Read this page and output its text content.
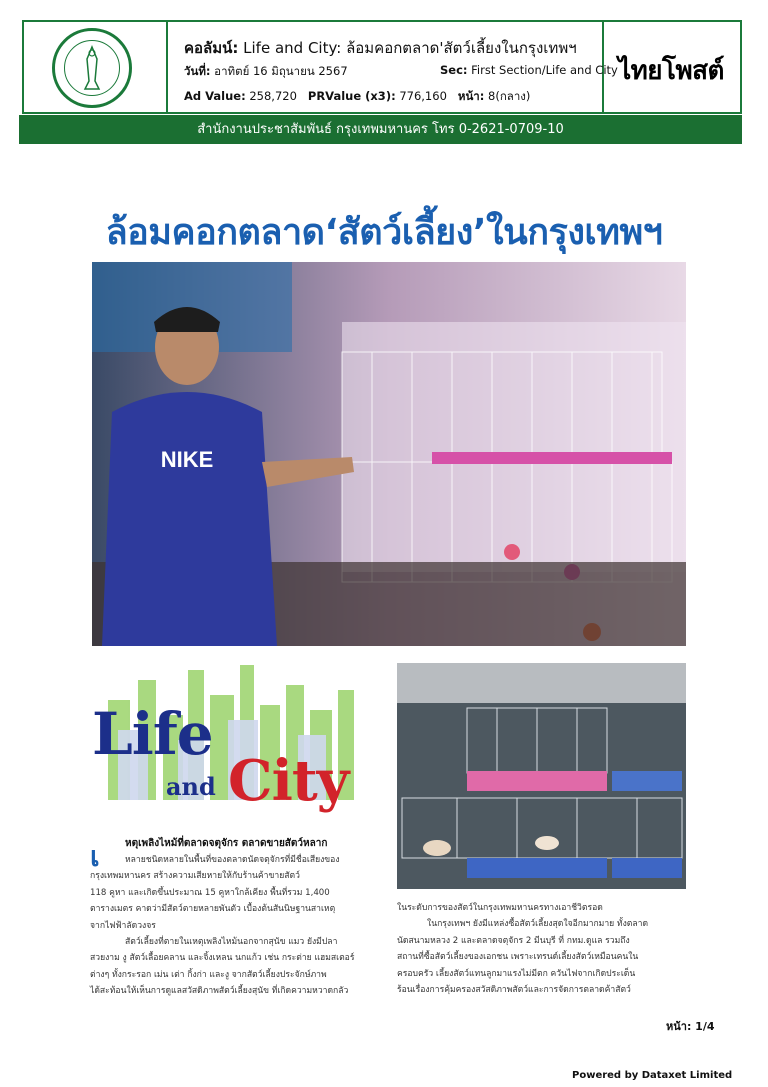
คอลัมน์: Life and City: ล้อมคอกตลาด'สัตว์เลี้ยงในกรุงเทพฯ
วันที่: อาทิตย์ 16 มิถุนายน 2567	Sec: First Section/Life and City
Ad Value: 258,720 PRValue (x3): 776,160 หน้า: 8(กลาง)
ไทยโพสต์
สำนักงานประชาสัมพันธ์ กรุงเทพมหานคร โทร 0-2621-0709-10
ล้อมคอกตลาด‘สัตว์เลี้ยง’ในกรุงเทพฯ
NIKE
Life
and City
เ	หตุเพลิงไหม้ที่ตลาดจตุจักร ตลาดขายสัตว์หลาก
หลายชนิดหลายในพื้นที่ของตลาดนัดจตุจักรที่มีชื่อเสียงของ
กรุงเทพมหานคร สร้างความเสียหายให้กับร้านค้าขายสัตว์
118 คูหา และเกิดขึ้นประมาณ 15 คูหาใกล้เคียง พื้นที่รวม 1,400
ตารางเมตร คาดว่ามีสัตว์ตายหลายพันตัว เบื้องต้นสันนิษฐานสาเหตุ
จากไฟฟ้าลัดวงจร
สัตว์เลี้ยงที่ตายในเหตุเพลิงไหม้นอกจากสุนัข แมว ยังมีปลา
สวยงาม งู สัตว์เลื้อยคลาน และจิ้งเหลน นกแก้ว เช่น กระต่าย แฮมสเตอร์
ต่างๆ ทั้งกระรอก เม่น เต่า กิ้งก่า และงู จากสัตว์เลี้ยงประจักษ์ภาพ
ได้สะท้อนให้เห็นการดูแลสวัสดิภาพสัตว์เลี้ยงสุนัข ที่เกิดความหวาดกลัว
ในระดับการของสัตว์ในกรุงเทพมหานครทางเอาชีวิตรอด
ในกรุงเทพฯ ยังมีแหล่งซื้อสัตว์เลี้ยงสุดใจอีกมากมาย ทั้งตลาด
นัดสนามหลวง 2 และตลาดจตุจักร 2 มีนบุรี ที่ กทม.ดูแล รวมถึง
สถานที่ซื้อสัตว์เลี้ยงของเอกชน เพราะเทรนด์เลี้ยงสัตว์เหมือนคนใน
ครอบครัว เลี้ยงสัตว์แทนลูกมาแรงไม่มีตก ควันไฟจากเกิดประเด็น
ร้อนเรื่องการคุ้มครองสวัสดิภาพสัตว์และการจัดการตลาดค้าสัตว์
หน้า: 1/4
Powered by Dataxet Limited
